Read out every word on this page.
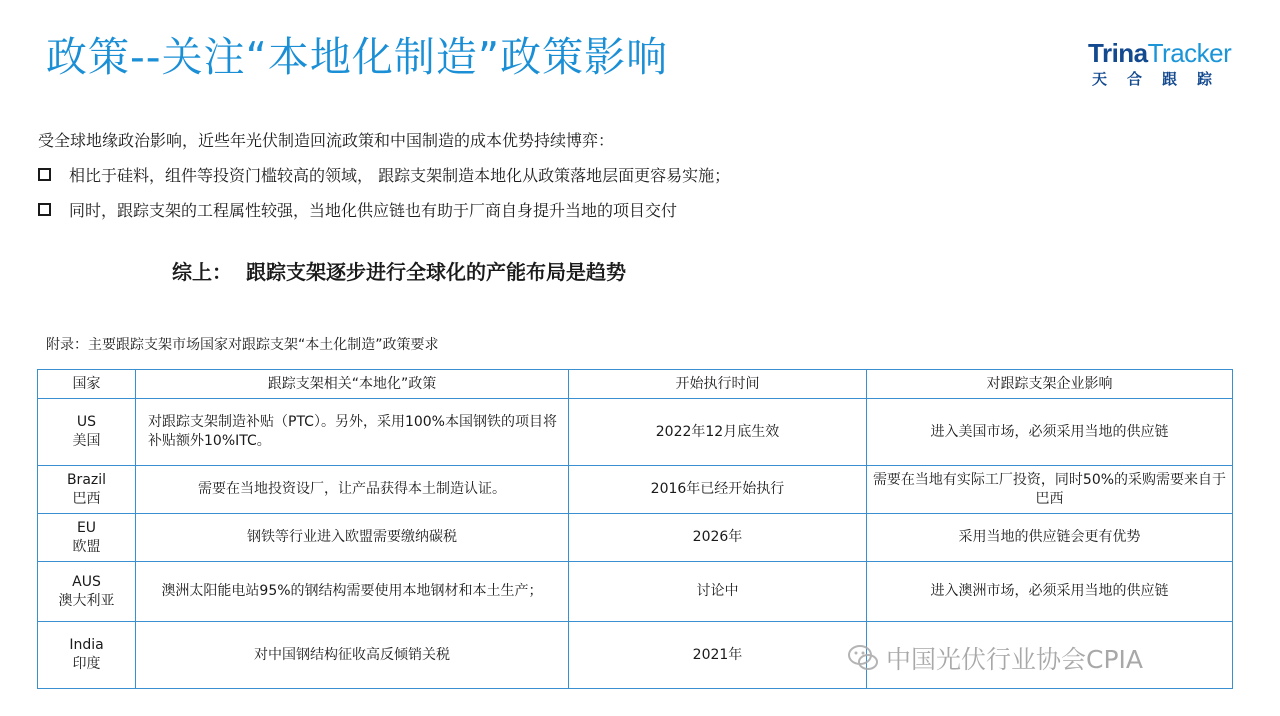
政策--关注“本地化制造”政策影响	TrinaTracker
天合跟踪
受全球地缘政治影响，近些年光伏制造回流政策和中国制造的成本优势持续博弈：
相比于硅料，组件等投资门槛较高的领域， 跟踪支架制造本地化从政策落地层面更容易实施；
同时，跟踪支架的工程属性较强，当地化供应链也有助于厂商自身提升当地的项目交付
综上： 跟踪支架逐步进行全球化的产能布局是趋势
附录：主要跟踪支架市场国家对跟踪支架“本土化制造”政策要求
国家	跟踪支架相关“本地化”政策	开始执行时间	对跟踪支架企业影响

US
美国	对跟踪支架制造补贴（PTC）。另外，采用100%本国钢铁的项目将补贴额外10%ITC。	2022年12月底生效	进入美国市场，必须采用当地的供应链

Brazil
巴西	需要在当地投资设厂，让产品获得本土制造认证。	2016年已经开始执行	需要在当地有实际工厂投资，同时50%的采购需要来自于巴西

EU
欧盟	钢铁等行业进入欧盟需要缴纳碳税	2026年	采用当地的供应链会更有优势

AUS
澳大利亚	澳洲太阳能电站95%的钢结构需要使用本地钢材和本土生产；	讨论中	进入澳洲市场，必须采用当地的供应链

India
印度	对中国钢结构征收高反倾销关税	2021年		中国光伏行业协会CPIA
